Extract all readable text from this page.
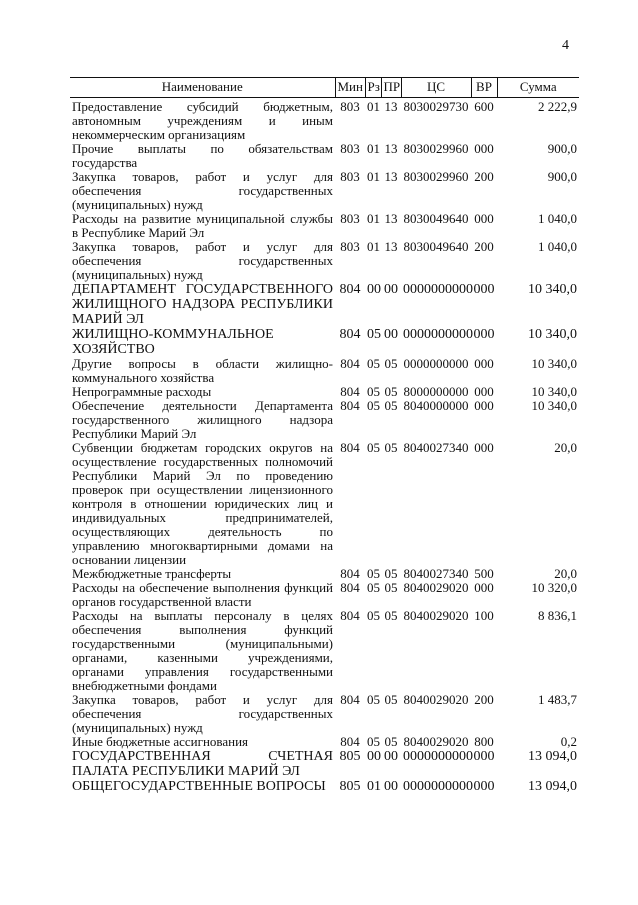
4
Наименование	Мин	Рз	ПР	ЦС	ВР	Сумма

Предоставление субсидий бюджетным, автономным учреждениям и иным некоммерческим организациям	803	01	13	8030029730	600	2 222,9
Прочие выплаты по обязательствам государства	803	01	13	8030029960	000	900,0
Закупка товаров, работ и услуг для обеспечения государственных (муниципальных) нужд	803	01	13	8030029960	200	900,0
Расходы на развитие муниципальной службы в Республике Марий Эл	803	01	13	8030049640	000	1 040,0
Закупка товаров, работ и услуг для обеспечения государственных (муниципальных) нужд	803	01	13	8030049640	200	1 040,0
ДЕПАРТАМЕНТ ГОСУДАРСТВЕННОГО ЖИЛИЩНОГО НАДЗОРА РЕСПУБЛИКИ МАРИЙ ЭЛ	804	00	00	0000000000	000	10 340,0
ЖИЛИЩНО-КОММУНАЛЬНОЕ ХОЗЯЙСТВО	804	05	00	0000000000	000	10 340,0
Другие вопросы в области жилищно-коммунального хозяйства	804	05	05	0000000000	000	10 340,0
Непрограммные расходы	804	05	05	8000000000	000	10 340,0
Обеспечение деятельности Департамента государственного жилищного надзора Республики Марий Эл	804	05	05	8040000000	000	10 340,0
Субвенции бюджетам городских округов на осуществление государственных полномочий Республики Марий Эл по проведению проверок при осуществлении лицензионного контроля в отношении юридических лиц и индивидуальных предпринимателей, осуществляющих деятельность по управлению многоквартирными домами на основании лицензии	804	05	05	8040027340	000	20,0
Межбюджетные трансферты	804	05	05	8040027340	500	20,0
Расходы на обеспечение выполнения функций органов государственной власти	804	05	05	8040029020	000	10 320,0
Расходы на выплаты персоналу в целях обеспечения выполнения функций государственными (муниципальными) органами, казенными учреждениями, органами управления государственными внебюджетными фондами	804	05	05	8040029020	100	8 836,1
Закупка товаров, работ и услуг для обеспечения государственных (муниципальных) нужд	804	05	05	8040029020	200	1 483,7
Иные бюджетные ассигнования	804	05	05	8040029020	800	0,2
ГОСУДАРСТВЕННАЯ СЧЕТНАЯ ПАЛАТА РЕСПУБЛИКИ МАРИЙ ЭЛ	805	00	00	0000000000	000	13 094,0
ОБЩЕГОСУДАРСТВЕННЫЕ ВОПРОСЫ	805	01	00	0000000000	000	13 094,0
